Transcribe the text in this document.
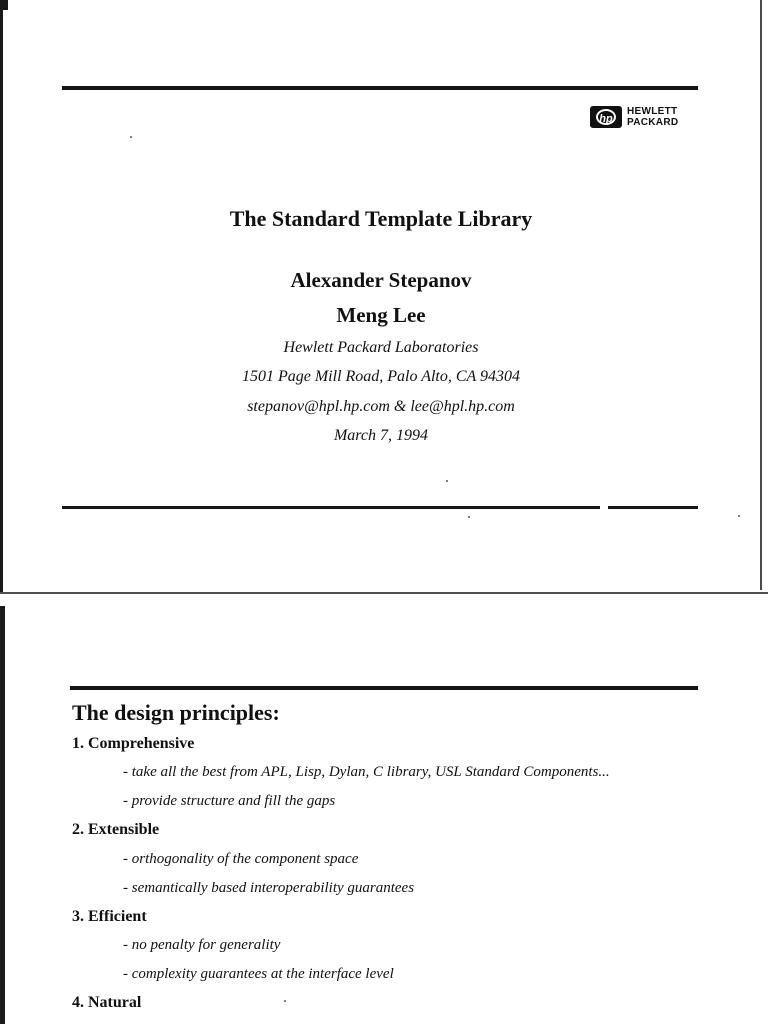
hp
HEWLETT
PACKARD
The Standard Template Library
Alexander Stepanov
Meng Lee
Hewlett Packard Laboratories
1501 Page Mill Road, Palo Alto, CA 94304
stepanov@hpl.hp.com & lee@hpl.hp.com
March 7, 1994
The design principles:
1. Comprehensive
- take all the best from APL, Lisp, Dylan, C library, USL Standard Components...
- provide structure and fill the gaps
2. Extensible
- orthogonality of the component space
- semantically based interoperability guarantees
3. Efficient
- no penalty for generality
- complexity guarantees at the interface level
4. Natural
